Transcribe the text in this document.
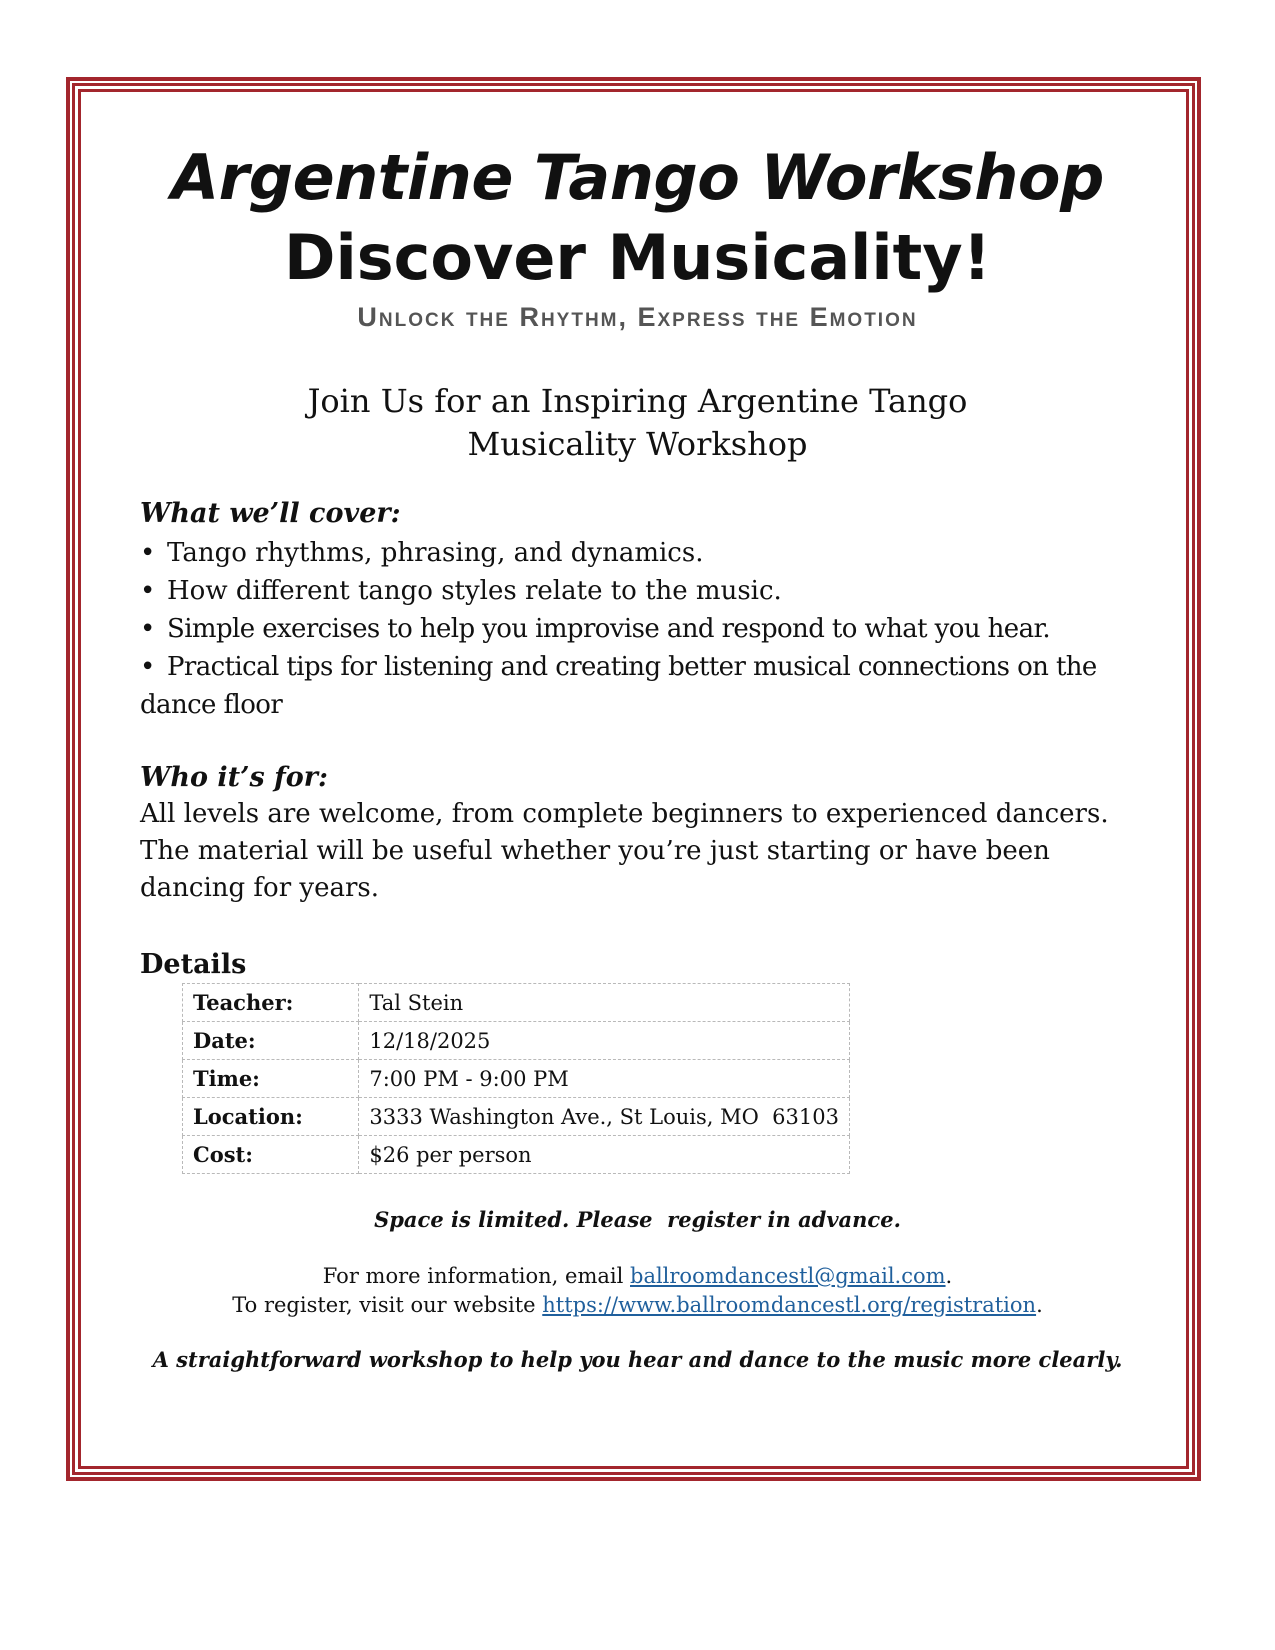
Argentine Tango Workshop
Discover Musicality!

Unlock the Rhythm, Express the Emotion

Join Us for an Inspiring Argentine Tango
Musicality Workshop
What we’ll cover:
• Tango rhythms, phrasing, and dynamics.
• How different tango styles relate to the music.
• Simple exercises to help you improvise and respond to what you hear.
• Practical tips for listening and creating better musical connections on the dance floor
Who it’s for:

All levels are welcome, from complete beginners to experienced dancers. The material will be useful whether you’re just starting or have been dancing for years.

Details
Teacher:	Tal Stein
Date:	12/18/2025
Time:	7:00 PM - 9:00 PM
Location:	3333 Washington Ave., St Louis, MO  63103
Cost:	$26 per person

Space is limited. Please  register in advance.

For more information, email ballroomdancestl@gmail.com.

To register, visit our website https://www.ballroomdancestl.org/registration.

A straightforward workshop to help you hear and dance to the music more clearly.
